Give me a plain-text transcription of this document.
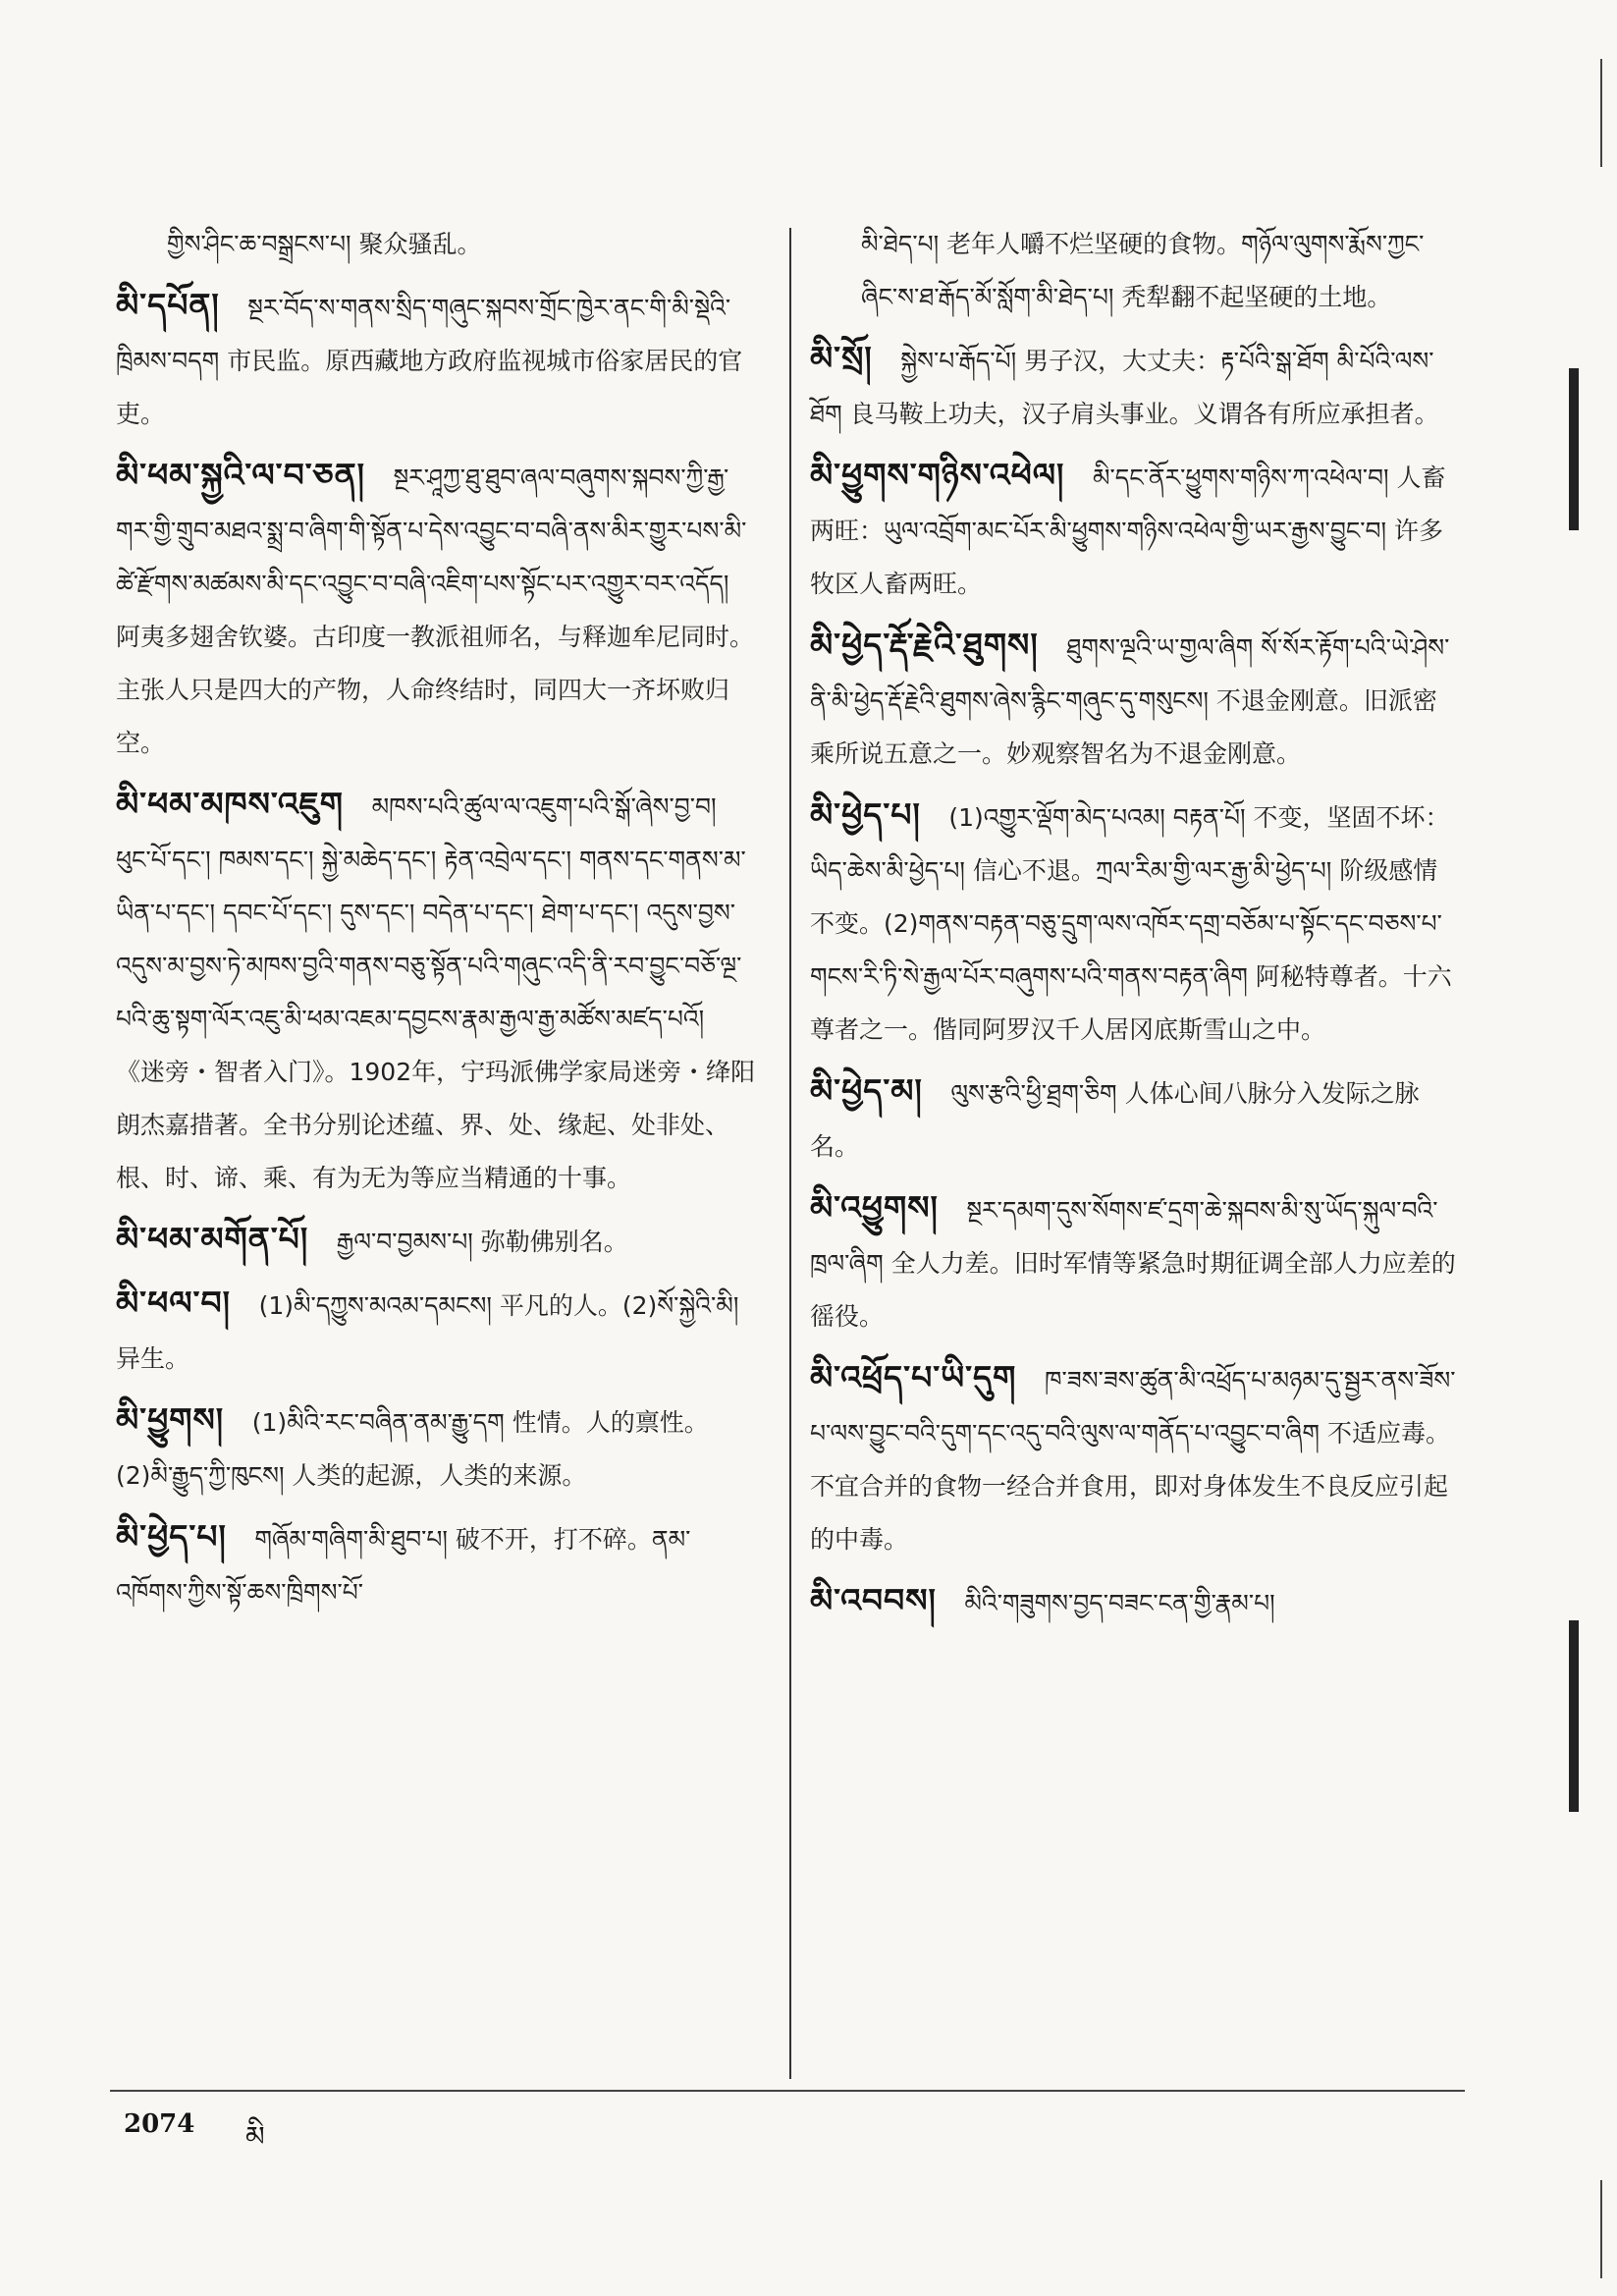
གྱིས་ཤིང་ཆ་བསྒྲངས་པ། 聚众骚乱。
མི་དཔོན། སྔར་བོད་ས་གནས་སྲིད་གཞུང་སྐབས་གྲོང་ཁྱེར་ནང་གི་མི་སྡེའི་ཁྲིམས་བདག 市民监。原西藏地方政府监视城市俗家居民的官吏。
མི་ཕམ་སྐྱའི་ལ་བ་ཅན། སྔར་ཤཱཀྱ་ཐུ་ཐུབ་ཞལ་བཞུགས་སྐབས་ཀྱི་རྒྱ་གར་གྱི་གྲུབ་མཐའ་སྨྲ་བ་ཞིག་གི་སྟོན་པ་དེས་འབྱུང་བ་བཞི་ནས་མིར་གྱུར་པས་མི་ཚེ་རྫོགས་མཚམས་མི་དང་འབྱུང་བ་བཞི་འཇིག་པས་སྟོང་པར་འགྱུར་བར་འདོད། 阿夷多翅舍钦婆。古印度一教派祖师名，与释迦牟尼同时。主张人只是四大的产物，人命终结时，同四大一齐坏败归空。
མི་ཕམ་མཁས་འཇུག མཁས་པའི་ཚུལ་ལ་འཇུག་པའི་སྒོ་ཞེས་བྱ་བ། ཕུང་པོ་དང་། ཁམས་དང་། སྐྱེ་མཆེད་དང་། རྟེན་འབྲེལ་དང་། གནས་དང་གནས་མ་ཡིན་པ་དང་། དབང་པོ་དང་། དུས་དང་། བདེན་པ་དང་། ཐེག་པ་དང་། འདུས་བྱས་འདུས་མ་བྱས་ཏེ་མཁས་བྱའི་གནས་བཅུ་སྟོན་པའི་གཞུང་འདི་ནི་རབ་བྱུང་བཅོ་ལྔ་པའི་ཆུ་སྟག་ལོར་འཇུ་མི་ཕམ་འཇམ་དབྱངས་རྣམ་རྒྱལ་རྒྱ་མཚོས་མཛད་པའོ། 《迷旁・智者入门》。1902年，宁玛派佛学家局迷旁・绛阳朗杰嘉措著。全书分别论述蕴、界、处、缘起、处非处、根、时、谛、乘、有为无为等应当精通的十事。
མི་ཕམ་མགོན་པོ། རྒྱལ་བ་བྱམས་པ། 弥勒佛别名。
མི་ཕལ་བ། (1)མི་དཀྱུས་མའམ་དམངས། 平凡的人。(2)སོ་སྐྱེའི་མི། 异生。
མི་ཕྱུགས། (1)མིའི་རང་བཞིན་ནམ་རྒྱུ་དག 性情。人的禀性。(2)མི་རྒྱུད་ཀྱི་ཁུངས། 人类的起源，人类的来源。
མི་ཕྱེད་པ། གཞོམ་གཞིག་མི་ཐུབ་པ། 破不开，打不碎。ནམ་འཁོགས་ཀྱིས་སྟོ་ཆས་ཁྲིགས་པོ་
མི་ཐེད་པ། 老年人嚼不烂坚硬的食物。གཉོལ་ལུགས་རྨོས་ཀྱང་ཞིང་ས་ཐ་རྒོད་མོ་སློག་མི་ཐེད་པ། 秃犁翻不起坚硬的土地。
མི་སྲོ། སྐྱེས་པ་རྒོད་པོ། 男子汉，大丈夫：རྟ་པོའི་སྒ་ཐོག མི་པོའི་ལས་ཐོག 良马鞍上功夫，汉子肩头事业。义谓各有所应承担者。
མི་ཕྱུགས་གཉིས་འཕེལ། མི་དང་ནོར་ཕྱུགས་གཉིས་ཀ་འཕེལ་བ། 人畜两旺：ཡུལ་འབྲོག་མང་པོར་མི་ཕྱུགས་གཉིས་འཕེལ་གྱི་ཡར་རྒྱས་བྱུང་བ། 许多牧区人畜两旺。
མི་ཕྱེད་རྡོ་རྗེའི་ཐུགས། ཐུགས་ལྔའི་ཡ་གྱལ་ཞིག སོ་སོར་རྟོག་པའི་ཡེ་ཤེས་ནི་མི་ཕྱེད་རྡོ་རྗེའི་ཐུགས་ཞེས་རྙིང་གཞུང་དུ་གསུངས། 不退金刚意。旧派密乘所说五意之一。妙观察智名为不退金刚意。
མི་ཕྱེད་པ། (1)འགྱུར་ལྡོག་མེད་པའམ། བརྟན་པོ། 不变，坚固不坏：ཡིད་ཆེས་མི་ཕྱེད་པ། 信心不退。ཀྲལ་རིམ་གྱི་ལར་རྒྱ་མི་ཕྱེད་པ། 阶级感情不变。(2)གནས་བརྟན་བཅུ་དྲུག་ལས་འཁོར་དགྲ་བཅོམ་པ་སྟོང་དང་བཅས་པ་གངས་རི་ཏི་སེ་རྒྱལ་པོར་བཞུགས་པའི་གནས་བརྟན་ཞིག 阿秘特尊者。十六尊者之一。偕同阿罗汉千人居冈底斯雪山之中。
མི་ཕྱེད་མ། ལུས་རྩའི་ཕྱི་ཐྲག་ཅིག 人体心间八脉分入发际之脉名。
མི་འཕྱུགས། སྔར་དམག་དུས་སོགས་ཛ་དྲག་ཆེ་སྐབས་མི་སུ་ཡོད་སྐུལ་བའི་ཁྲལ་ཞིག 全人力差。旧时军情等紧急时期征调全部人力应差的徭役。
མི་འཕྲོད་པ་ཡི་དུག ཁ་ཟས་ཟས་ཚུན་མི་འཕྲོད་པ་མཉམ་དུ་སྦྱར་ནས་ཟོས་པ་ལས་བྱུང་བའི་དུག་དང་འདུ་བའི་ལུས་ལ་གནོད་པ་འབྱུང་བ་ཞིག 不适应毒。不宜合并的食物一经合并食用，即对身体发生不良反应引起的中毒。
མི་འབབས། མིའི་གཟུགས་བྱད་བཟང་ངན་གྱི་རྣམ་པ།
2074 མི
